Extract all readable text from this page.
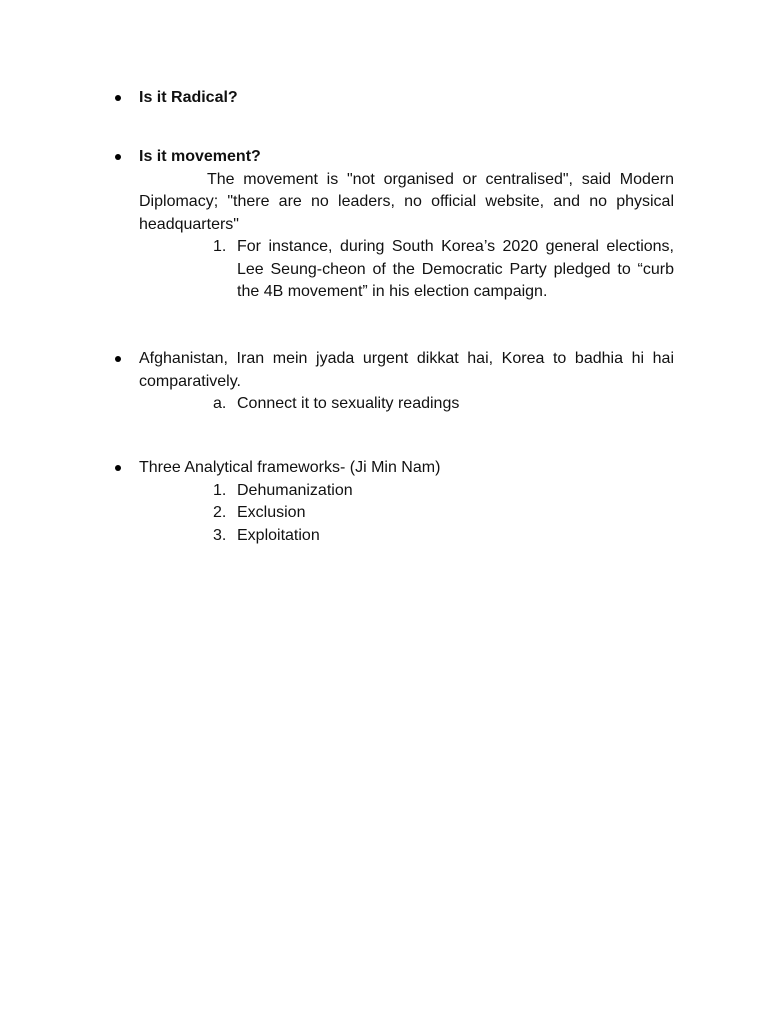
Is it Radical?
Is it movement?

The movement is "not organised or centralised", said Modern Diplomacy; "there are no leaders, no official website, and no physical headquarters"

1. For instance, during South Korea’s 2020 general elections, Lee Seung-cheon of the Democratic Party pledged to “curb the 4B movement” in his election campaign.

Afghanistan, Iran mein jyada urgent dikkat hai, Korea to badhia hi hai comparatively.

a. Connect it to sexuality readings
Three Analytical frameworks- (Ji Min Nam)
1. Dehumanization
2. Exclusion
3. Exploitation
